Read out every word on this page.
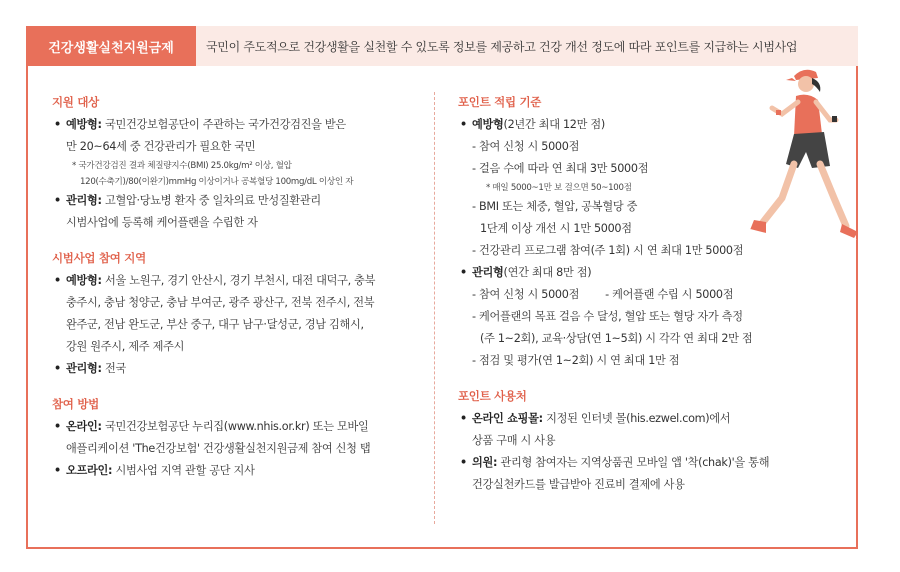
건강생활실천지원금제	국민이 주도적으로 건강생활을 실천할 수 있도록 정보를 제공하고 건강 개선 정도에 따라 포인트를 지급하는 시범사업
지원 대상
• 예방형: 국민건강보험공단이 주관하는 국가건강검진을 받은
만 20~64세 중 건강관리가 필요한 국민
* 국가건강검진 결과 체질량지수(BMI) 25.0kg/m² 이상, 혈압
120(수축기)/80(이완기)mmHg 이상이거나 공복혈당 100mg/dL 이상인 자
• 관리형: 고혈압·당뇨병 환자 중 일차의료 만성질환관리
시범사업에 등록해 케어플랜을 수립한 자
시범사업 참여 지역
• 예방형: 서울 노원구, 경기 안산시, 경기 부천시, 대전 대덕구, 충북
충주시, 충남 청양군, 충남 부여군, 광주 광산구, 전북 전주시, 전북
완주군, 전남 완도군, 부산 중구, 대구 남구·달성군, 경남 김해시,
강원 원주시, 제주 제주시
• 관리형: 전국
참여 방법
• 온라인: 국민건강보험공단 누리집(www.nhis.or.kr) 또는 모바일
애플리케이션 'The건강보험' 건강생활실천지원금제 참여 신청 탭
• 오프라인: 시범사업 지역 관할 공단 지사
포인트 적립 기준
• 예방형(2년간 최대 12만 점)
- 참여 신청 시 5000점
- 걸음 수에 따라 연 최대 3만 5000점
* 매일 5000~1만 보 걸으면 50~100점
- BMI 또는 체중, 혈압, 공복혈당 중
1단계 이상 개선 시 1만 5000점
- 건강관리 프로그램 참여(주 1회) 시 연 최대 1만 5000점
• 관리형(연간 최대 8만 점)
- 참여 신청 시 5000점        - 케어플랜 수립 시 5000점
- 케어플랜의 목표 걸음 수 달성, 혈압 또는 혈당 자가 측정
(주 1~2회), 교육·상담(연 1~5회) 시 각각 연 최대 2만 점
- 점검 및 평가(연 1~2회) 시 연 최대 1만 점
포인트 사용처
• 온라인 쇼핑몰: 지정된 인터넷 몰(his.ezwel.com)에서
상품 구매 시 사용
• 의원: 관리형 참여자는 지역상품권 모바일 앱 '착(chak)'을 통해
건강실천카드를 발급받아 진료비 결제에 사용
